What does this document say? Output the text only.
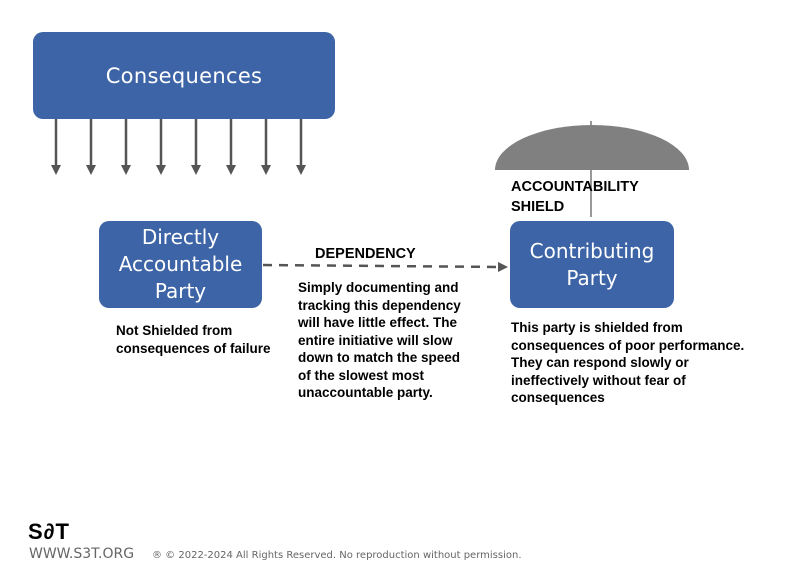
Consequences
Directly
Accountable
Party
Contributing
Party
ACCOUNTABILITY
SHIELD
DEPENDENCY
Not Shielded from consequences of failure
Simply documenting and tracking this dependency will have little effect. The entire initiative will slow down to match the speed of the slowest most unaccountable party.
This party is shielded from consequences of poor performance. They can respond slowly or ineffectively without fear of consequences
S∂T
WWW.S3T.ORG ® © 2022-2024 All Rights Reserved. No reproduction without permission.
